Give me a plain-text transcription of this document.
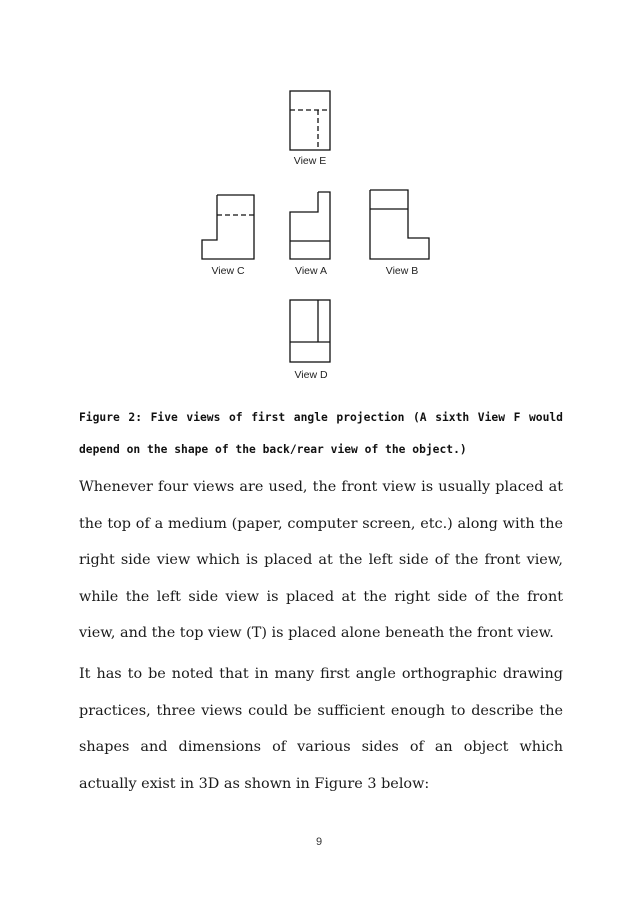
View E
View C	View A	View B
View D
Figure 2: Five views of first angle projection (A sixth View F would depend on the shape of the back/rear view of the object.)

Whenever four views are used, the front view is usually placed at the top of a medium (paper, computer screen, etc.) along with the right side view which is placed at the left side of the front view, while the left side view is placed at the right side of the front view, and the top view (T) is placed alone beneath the front view.

It has to be noted that in many first angle orthographic drawing practices, three views could be sufficient enough to describe the shapes and dimensions of various sides of an object which actually exist in 3D as shown in Figure 3 below:

9
